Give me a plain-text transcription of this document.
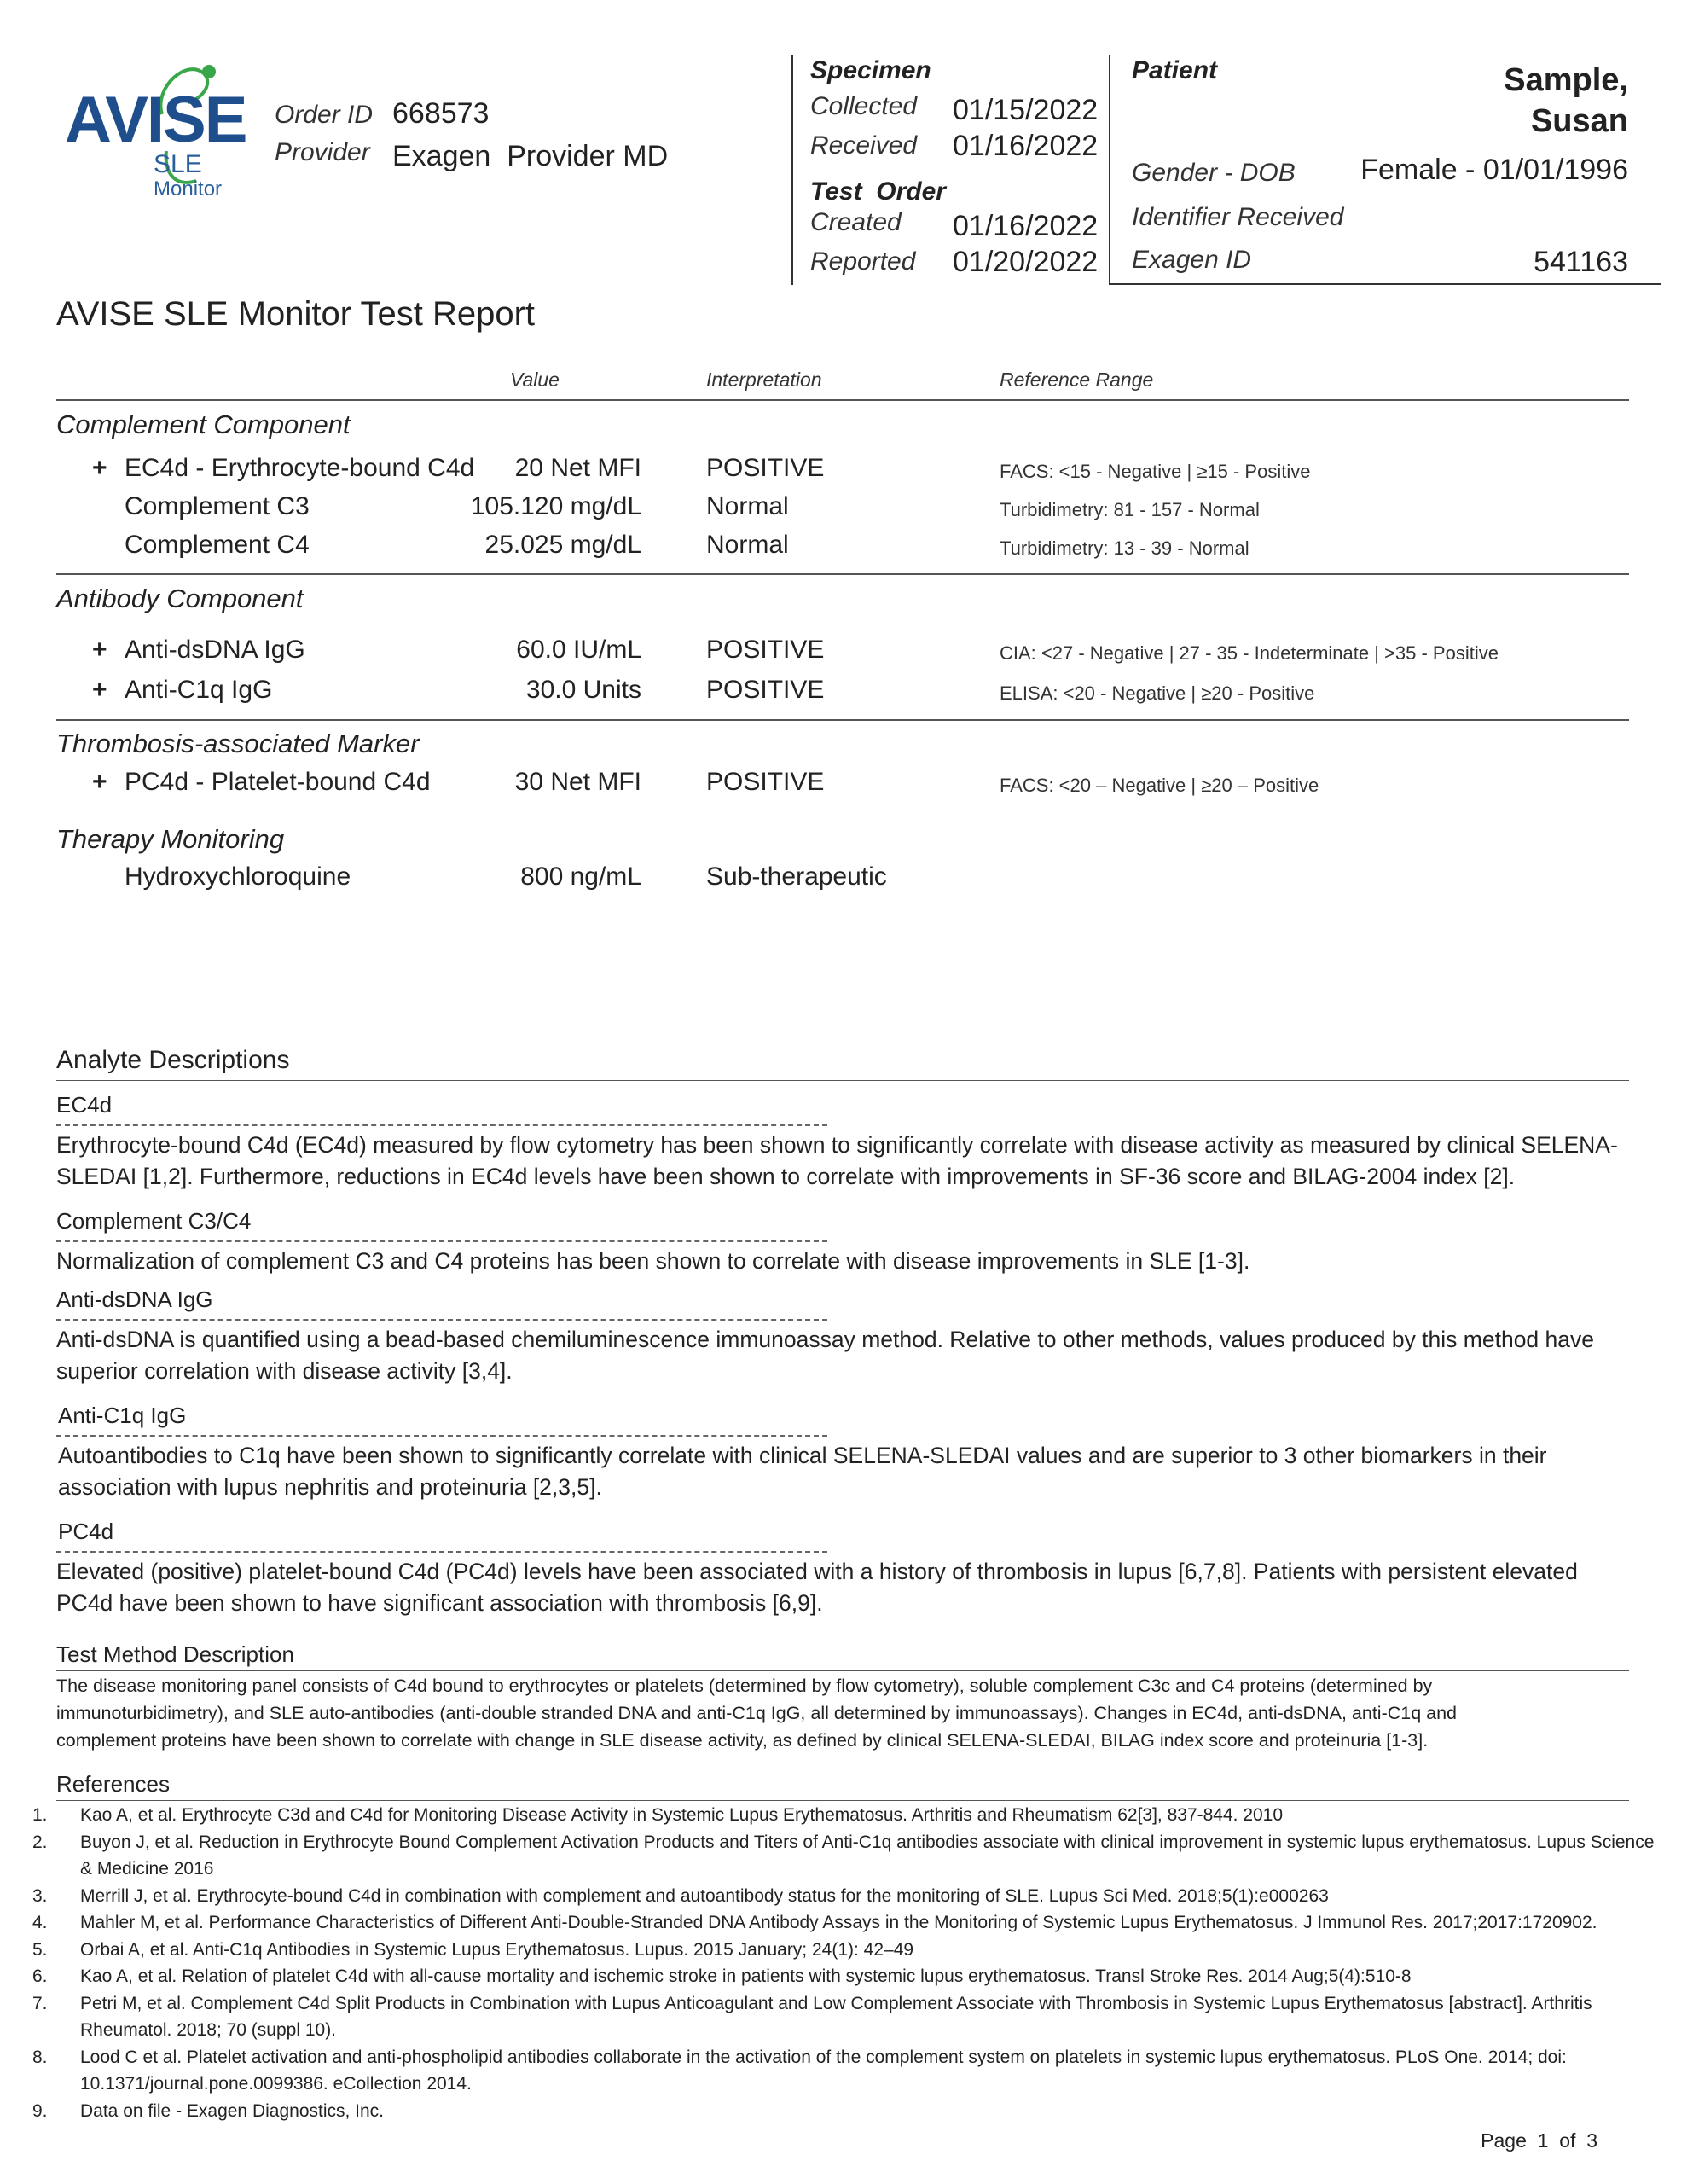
AVISE
SLE
Monitor
Order ID 668573
Provider Exagen  Provider MD
Specimen
Collected 01/15/2022
Received 01/16/2022
Test  Order
Created 01/16/2022
Reported 01/20/2022
Patient	Sample,
Susan
Gender - DOB Female - 01/01/1996
Identifier Received
Exagen ID	541163
AVISE SLE Monitor Test Report
Value	Interpretation	Reference Range
Complement Component
+ EC4d - Erythrocyte-bound C4d 20 Net MFI	POSITIVE	FACS: <15 - Negative | ≥15 - Positive
Complement C3	105.120 mg/dL	Normal	Turbidimetry: 81 - 157 - Normal
Complement C4	25.025 mg/dL	Normal	Turbidimetry: 13 - 39 - Normal
Antibody Component
+ Anti-dsDNA IgG	60.0 IU/mL	POSITIVE	CIA: <27 - Negative | 27 - 35 - Indeterminate | >35 - Positive
+ Anti-C1q IgG	30.0 Units	POSITIVE	ELISA: <20 - Negative | ≥20 - Positive
Thrombosis-associated Marker
+ PC4d - Platelet-bound C4d	30 Net MFI	POSITIVE	FACS: <20 – Negative | ≥20 – Positive
Therapy Monitoring
Hydroxychloroquine	800 ng/mL	Sub-therapeutic
Analyte Descriptions
EC4d
Erythrocyte-bound C4d (EC4d) measured by flow cytometry has been shown to significantly correlate with disease activity as measured by clinical SELENA-
SLEDAI [1,2]. Furthermore, reductions in EC4d levels have been shown to correlate with improvements in SF-36 score and BILAG-2004 index [2].
Complement C3/C4
Normalization of complement C3 and C4 proteins has been shown to correlate with disease improvements in SLE [1-3].
Anti-dsDNA IgG
Anti-dsDNA is quantified using a bead-based chemiluminescence immunoassay method. Relative to other methods, values produced by this method have
superior correlation with disease activity [3,4].
Anti-C1q IgG
Autoantibodies to C1q have been shown to significantly correlate with clinical SELENA-SLEDAI values and are superior to 3 other biomarkers in their
association with lupus nephritis and proteinuria [2,3,5].
PC4d
Elevated (positive) platelet-bound C4d (PC4d) levels have been associated with a history of thrombosis in lupus [6,7,8]. Patients with persistent elevated
PC4d have been shown to have significant association with thrombosis [6,9].
Test Method Description
The disease monitoring panel consists of C4d bound to erythrocytes or platelets (determined by flow cytometry), soluble complement C3c and C4 proteins (determined by
immunoturbidimetry), and SLE auto-antibodies (anti-double stranded DNA and anti-C1q IgG, all determined by immunoassays). Changes in EC4d, anti-dsDNA, anti-C1q and
complement proteins have been shown to correlate with change in SLE disease activity, as defined by clinical SELENA-SLEDAI, BILAG index score and proteinuria [1-3].
References
1. Kao A, et al. Erythrocyte C3d and C4d for Monitoring Disease Activity in Systemic Lupus Erythematosus. Arthritis and Rheumatism 62[3], 837-844. 2010
2. Buyon J, et al. Reduction in Erythrocyte Bound Complement Activation Products and Titers of Anti-C1q antibodies associate with clinical improvement in systemic lupus erythematosus. Lupus Science & Medicine 2016
3. Merrill J, et al. Erythrocyte-bound C4d in combination with complement and autoantibody status for the monitoring of SLE. Lupus Sci Med. 2018;5(1):e000263
4. Mahler M, et al. Performance Characteristics of Different Anti-Double-Stranded DNA Antibody Assays in the Monitoring of Systemic Lupus Erythematosus. J Immunol Res. 2017;2017:1720902.
5. Orbai A, et al. Anti-C1q Antibodies in Systemic Lupus Erythematosus. Lupus. 2015 January; 24(1): 42–49
6. Kao A, et al. Relation of platelet C4d with all-cause mortality and ischemic stroke in patients with systemic lupus erythematosus. Transl Stroke Res. 2014 Aug;5(4):510-8
7. Petri M, et al. Complement C4d Split Products in Combination with Lupus Anticoagulant and Low Complement Associate with Thrombosis in Systemic Lupus Erythematosus [abstract]. Arthritis Rheumatol. 2018; 70 (suppl 10).
8. Lood C et al. Platelet activation and anti-phospholipid antibodies collaborate in the activation of the complement system on platelets in systemic lupus erythematosus. PLoS One. 2014; doi: 10.1371/journal.pone.0099386. eCollection 2014.
9. Data on file - Exagen Diagnostics, Inc.
Page  1  of  3
